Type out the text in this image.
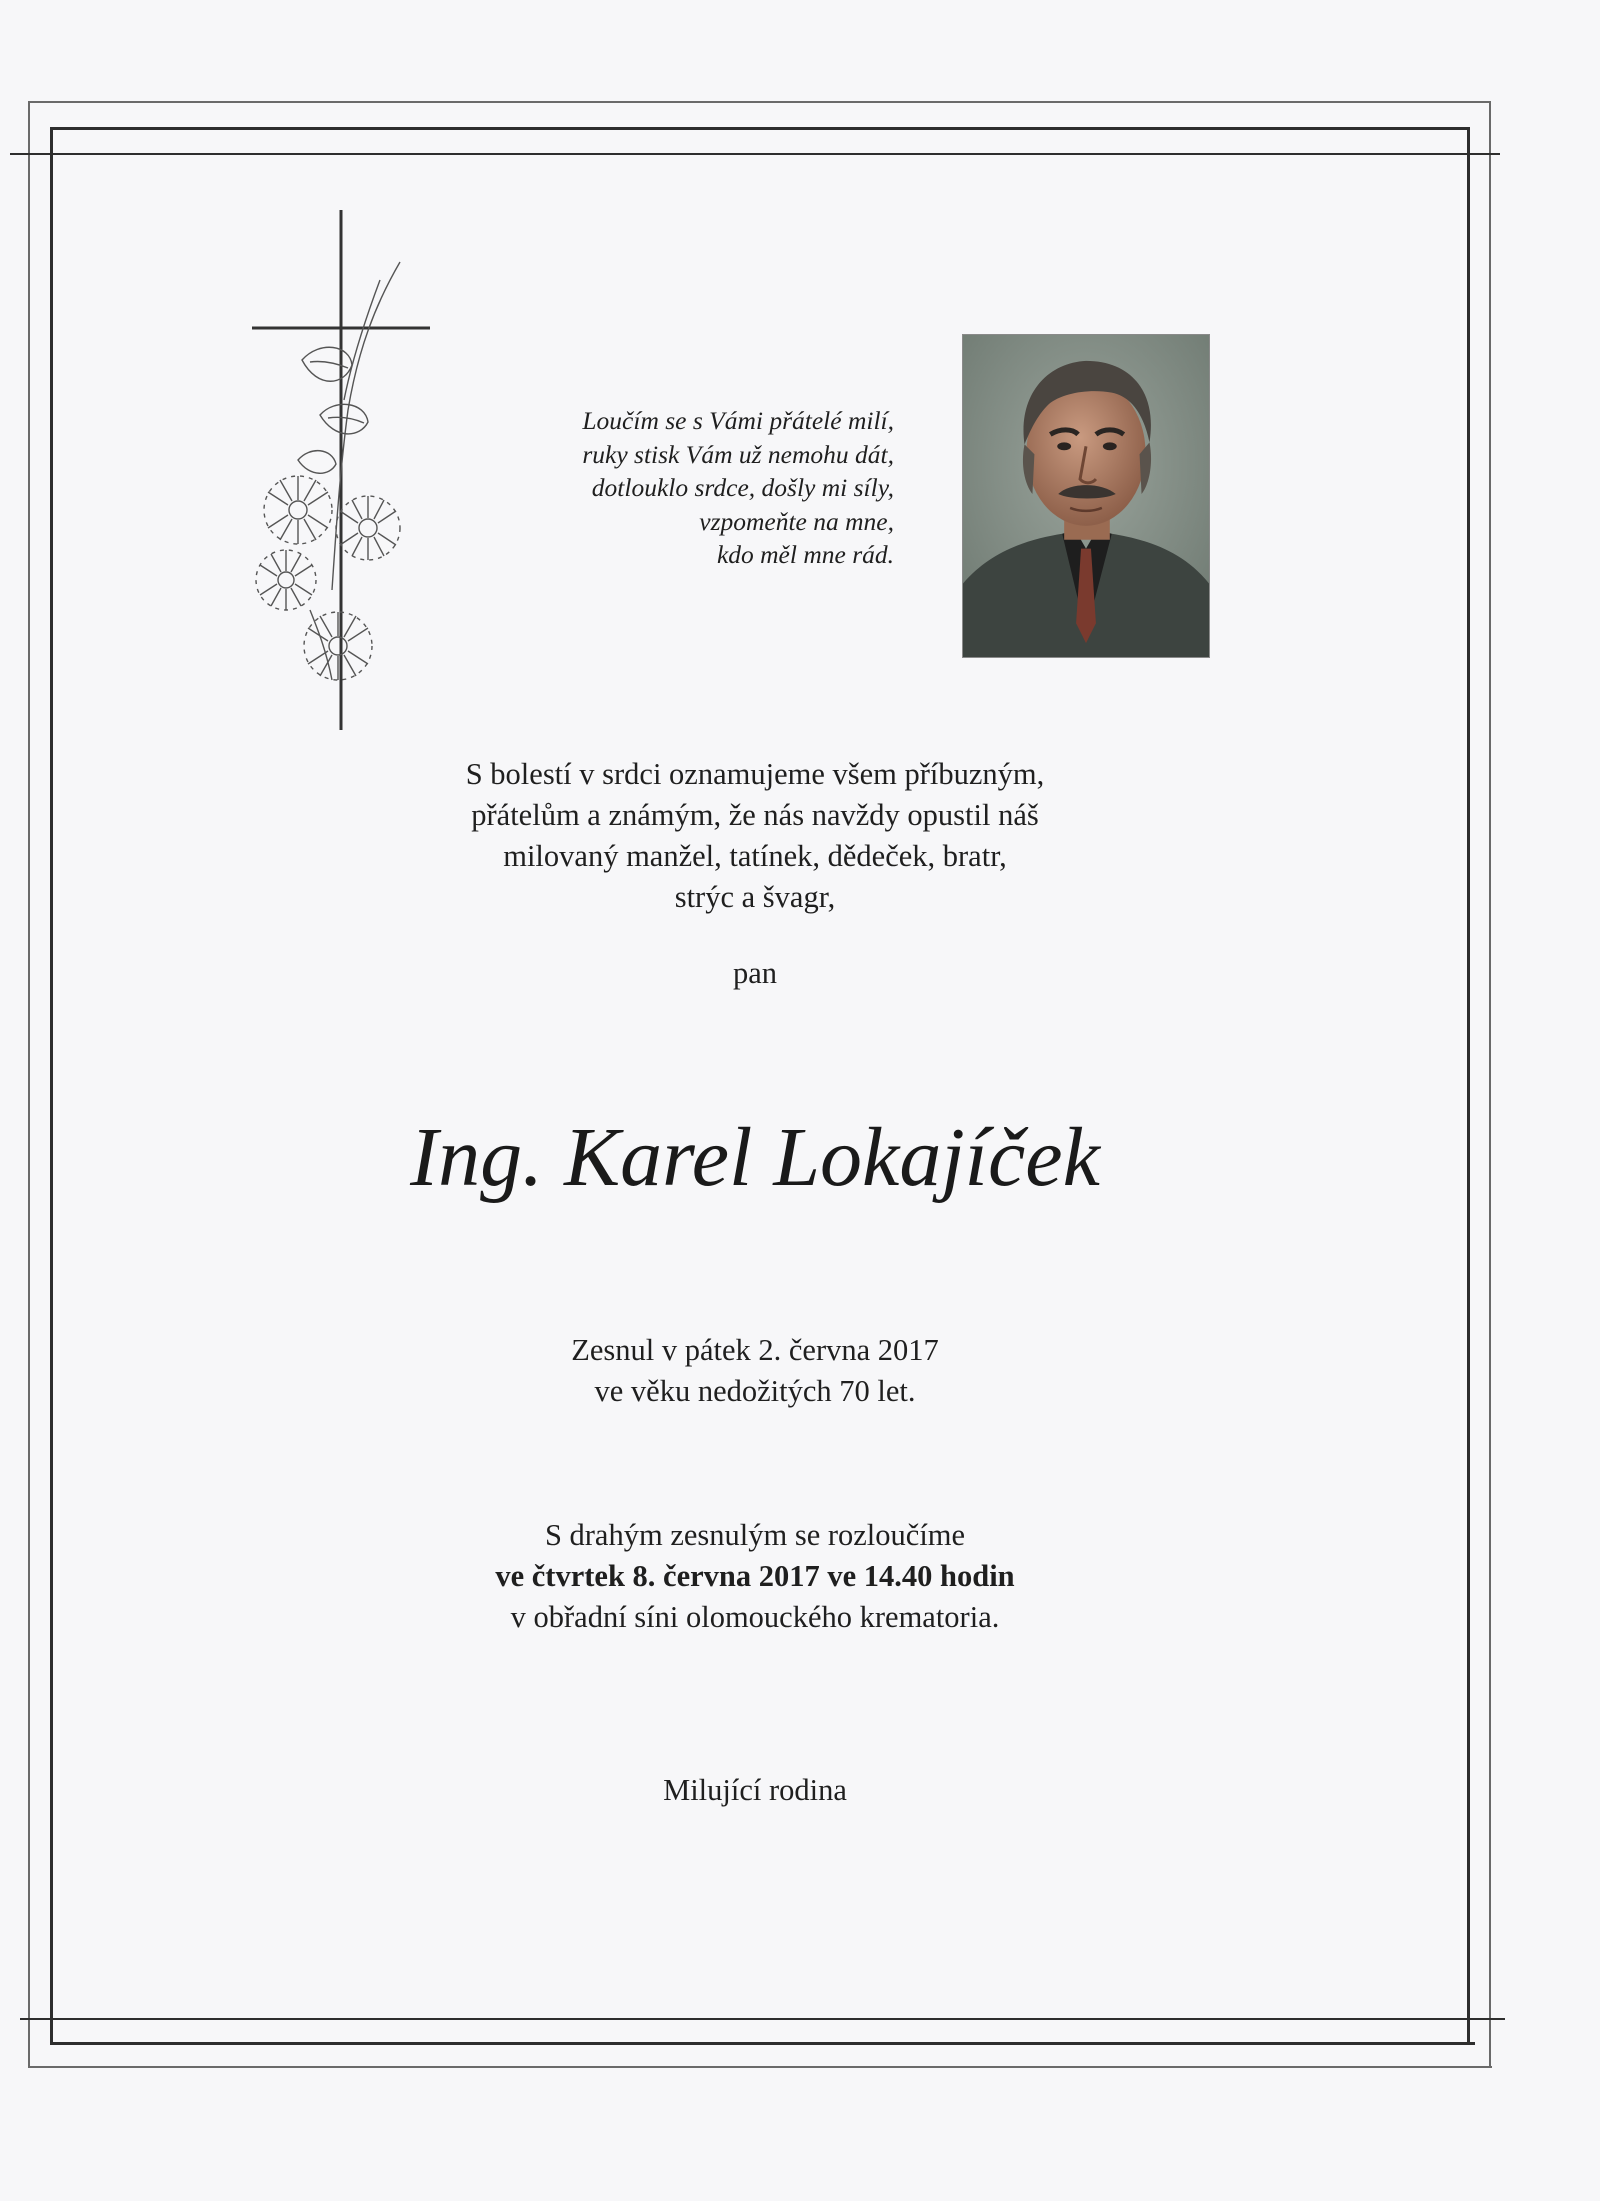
Loučím se s Vámi přátelé milí,
ruky stisk Vám už nemohu dát,
dotlouklo srdce, došly mi síly,
vzpomeňte na mne,
kdo měl mne rád.
S bolestí v srdci oznamujeme všem příbuzným,
přátelům a známým, že nás navždy opustil náš
milovaný manžel, tatínek, dědeček, bratr,
strýc a švagr,
pan
Ing. Karel Lokajíček
Zesnul v pátek 2. června 2017
ve věku nedožitých 70 let.
S drahým zesnulým se rozloučíme
ve čtvrtek 8. června 2017 ve 14.40 hodin
v obřadní síni olomouckého krematoria.
Milující rodina
